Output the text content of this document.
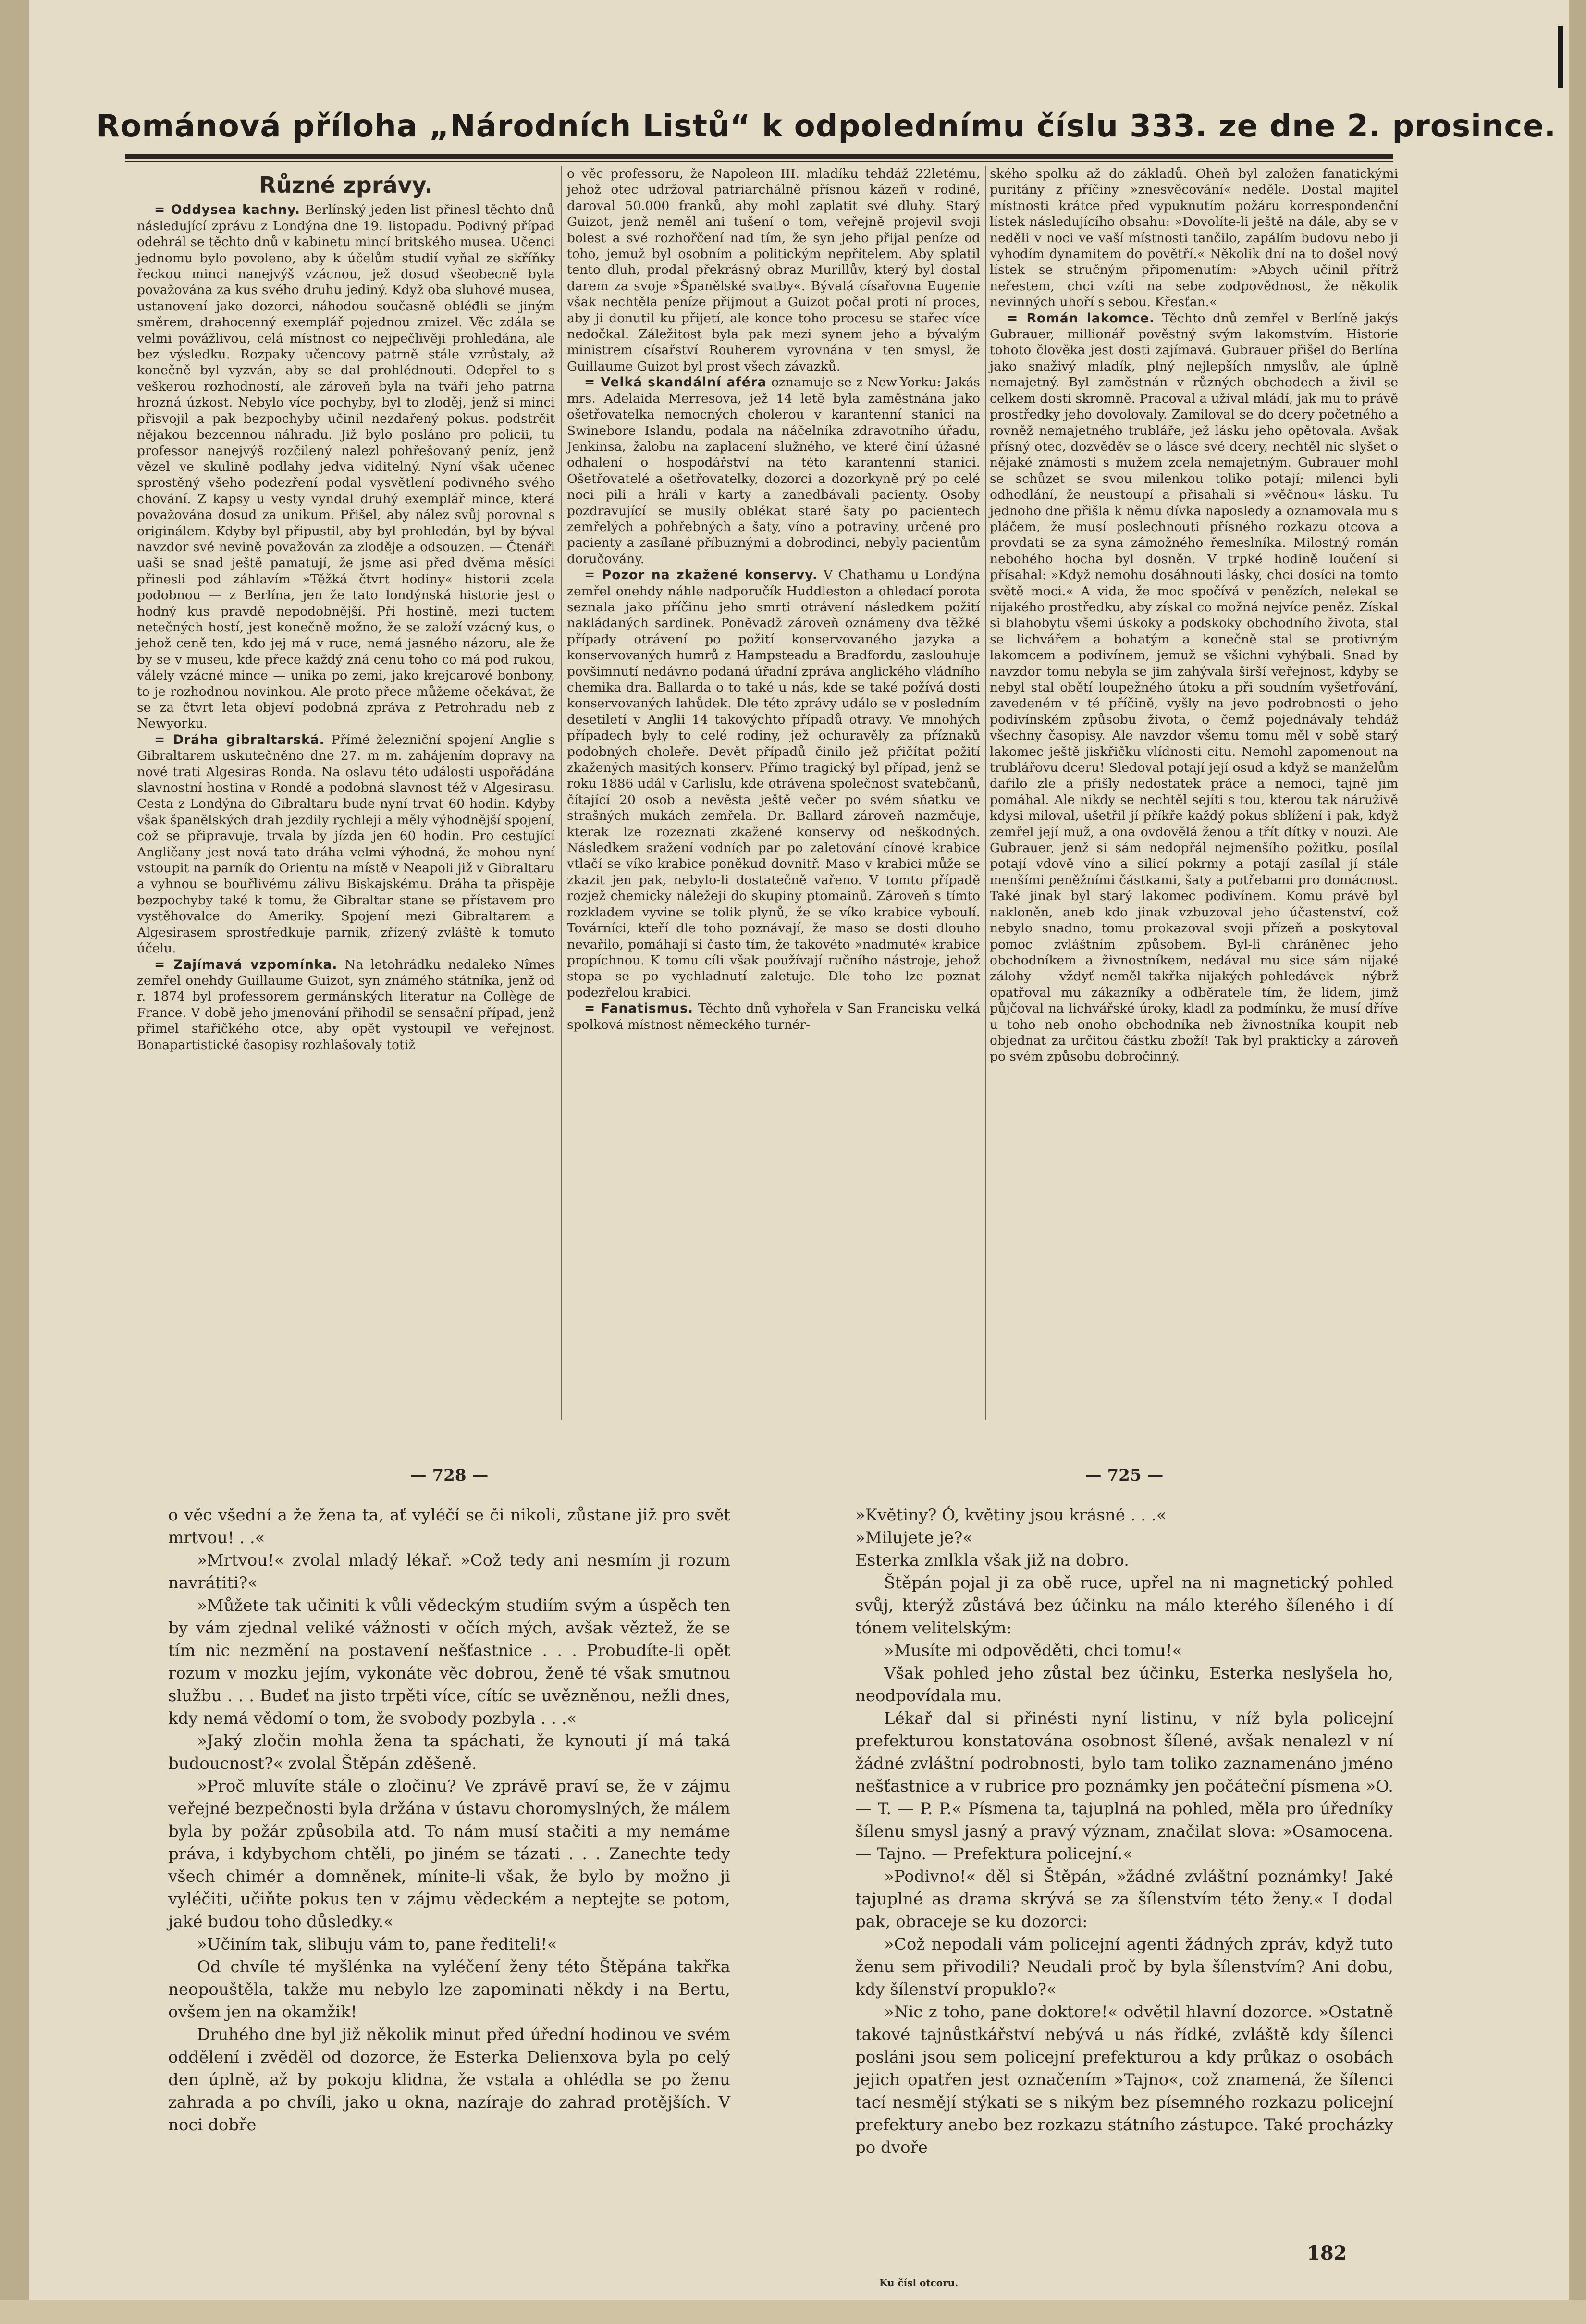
Románová příloha „Národních Listů“ k odpolednímu číslu 333. ze dne 2. prosince.
Různé zprávy.

= Oddysea kachny. Berlínský jeden list přinesl těchto dnů následující zprávu z Londýna dne 19. listopadu. Podivný případ odehrál se těchto dnů v kabinetu mincí britského musea. Učenci jednomu bylo povoleno, aby k účelům studií vyňal ze skříňky řeckou minci nanejvýš vzácnou, jež dosud všeobecně byla považována za kus svého druhu jediný. Když oba sluhové musea, ustanovení jako dozorci, náhodou současně obléđli se jiným směrem, drahocenný exemplář pojednou zmizel. Věc zdála se velmi povážlivou, celá místnost co nejpečlivěji prohledána, ale bez výsledku. Rozpaky učencovy patrně stále vzrůstaly, až konečně byl vyzván, aby se dal prohlédnouti. Odepřel to s veškerou rozhodností, ale zároveň byla na tváři jeho patrna hrozná úzkost. Nebylo více pochyby, byl to zloděj, jenž si minci přisvojil a pak bezpochyby učinil nezdařený pokus. podstrčit nějakou bezcennou náhradu. Již bylo posláno pro policii, tu professor nanejvýš rozčilený nalezl pohřešovaný peníz, jenž vězel ve skulině podlahy jedva viditelný. Nyní však učenec sprostěný všeho podezření podal vysvětlení podivného svého chování. Z kapsy u vesty vyndal druhý exemplář mince, která považována dosud za unikum. Přišel, aby nález svůj porovnal s originálem. Kdyby byl připustil, aby byl prohledán, byl by býval navzdor své nevině považován za zloděje a odsouzen. — Čtenáři uaši se snad ještě pamatují, že jsme asi před dvěma měsíci přinesli pod záhlavím »Těžká čtvrt hodiny« historii zcela podobnou — z Berlína, jen že tato londýnská historie jest o hodný kus pravdě nepodobnější. Při hostině, mezi tuctem netečných hostí, jest konečně možno, že se založí vzácný kus, o jehož ceně ten, kdo jej má v ruce, nemá jasného názoru, ale že by se v museu, kde přece každý zná cenu toho co má pod rukou, válely vzácné mince — unika po zemi, jako krejcarové bonbony, to je rozhodnou novinkou. Ale proto přece můžeme očekávat, že se za čtvrt leta objeví podobná zpráva z Petrohradu neb z Newyorku.

= Dráha gibraltarská. Přímé železniční spojení Anglie s Gibraltarem uskutečněno dne 27. m m. zahájením dopravy na nové trati Algesiras Ronda. Na oslavu této události uspořádána slavnostní hostina v Rondě a podobná slavnost též v Algesirasu. Cesta z Londýna do Gibraltaru bude nyní trvat 60 hodin. Kdyby však španělských drah jezdily rychleji a měly výhodnější spojení, což se připravuje, trvala by jízda jen 60 hodin. Pro cestující Angličany jest nová tato dráha velmi výhodná, že mohou nyní vstoupit na parník do Orientu na místě v Neapoli již v Gibraltaru a vyhnou se bouřlivému zálivu Biskajskému. Dráha ta přispěje bezpochyby také k tomu, že Gibraltar stane se přístavem pro vystěhovalce do Ameriky. Spojení mezi Gibraltarem a Algesirasem sprostředkuje parník, zřízený zvláště k tomuto účelu.

= Zajímavá vzpomínka. Na letohrádku nedaleko Nîmes zemřel onehdy Guillaume Guizot, syn známého státníka, jenž od r. 1874 byl professorem germánských literatur na Collège de France. V době jeho jmenování přihodil se sensační případ, jenž přimel stařičkého otce, aby opět vystoupil ve veřejnost. Bonapartistické časopisy rozhlašovaly totiž

o věc professoru, že Napoleon III. mladíku tehdáž 22letému, jehož otec udržoval patriarchálně přísnou kázeň v rodině, daroval 50.000 franků, aby mohl zaplatit své dluhy. Starý Guizot, jenž neměl ani tušení o tom, veřejně projevil svoji bolest a své rozhořčení nad tím, že syn jeho přijal peníze od toho, jemuž byl osobním a politickým nepřítelem. Aby splatil tento dluh, prodal překrásný obraz Murillův, který byl dostal darem za svoje »Španělské svatby«. Bývalá císařovna Eugenie však nechtěla peníze přijmout a Guizot počal proti ní proces, aby ji donutil ku přijetí, ale konce toho procesu se stařec více nedočkal. Záležitost byla pak mezi synem jeho a bývalým ministrem císařství Rouherem vyrovnána v ten smysl, že Guillaume Guizot byl prost všech závazků.

= Velká skandální aféra oznamuje se z New-Yorku: Jakás mrs. Adelaida Merresova, jež 14 letě byla zaměstnána jako ošetřovatelka nemocných cholerou v karantenní stanici na Swinebore Islandu, podala na náčelníka zdravotního úřadu, Jenkinsa, žalobu na zaplacení služného, ve které činí úžasné odhalení o hospodářství na této karantenní stanici. Ošetřovatelé a ošetřovatelky, dozorci a dozorkyně prý po celé noci pili a hráli v karty a zanedbávali pacienty. Osoby pozdravující se musily oblékat staré šaty po pacientech zemřelých a pohřebných a šaty, víno a potraviny, určené pro pacienty a zasílané příbuznými a dobrodinci, nebyly pacientům doručovány.

= Pozor na zkažené konservy. V Chathamu u Londýna zemřel onehdy náhle nadporučík Huddleston a ohledací porota seznala jako příčinu jeho smrti otrávení následkem požití nakládaných sardinek. Poněvadž zároveň oznámeny dva těžké případy otrávení po požití konservovaného jazyka a konservovaných humrů z Hampsteadu a Bradfordu, zaslouhuje povšimnutí nedávno podaná úřadní zpráva anglického vládního chemika dra. Ballarda o to také u nás, kde se také požívá dosti konservovaných lahůdek. Dle této zprávy událo se v posledním desetiletí v Anglii 14 takovýchto případů otravy. Ve mnohých případech byly to celé rodiny, jež ochuravěly za příznaků podobných choleře. Devět případů činilo jež přičítat požití zkažených masitých konserv. Přímo tragický byl případ, jenž se roku 1886 udál v Carlislu, kde otrávena společnost svatebčanů, čítající 20 osob a nevěsta ještě večer po svém sňatku ve strašných mukách zemřela. Dr. Ballard zároveň nazmčuje, kterak lze rozeznati zkažené konservy od neškodných. Následkem sražení vodních par po zaletování cínové krabice vtlačí se víko krabice poněkud dovnitř. Maso v krabici může se zkazit jen pak, nebylo-li dostatečně vařeno. V tomto případě rozjež chemicky náležejí do skupiny ptomainů. Zároveň s tímto rozkladem vyvine se tolik plynů, že se víko krabice vyboulí. Továrníci, kteří dle toho poznávají, že maso se dosti dlouho nevařilo, pomáhají si často tím, že takovéto »nadmuté« krabice propíchnou. K tomu cíli však používají ručního nástroje, jehož stopa se po vychladnutí zaletuje. Dle toho lze poznat podezřelou krabici.

= Fanatismus. Těchto dnů vyhořela v San Francisku velká spolková místnost německého turnér-

ského spolku až do základů. Oheň byl založen fanatickými puritány z příčiny »znesvěcování« neděle. Dostal majitel místnosti krátce před vypuknutím požáru korrespondenční lístek následujícího obsahu: »Dovolíte-li ještě na dále, aby se v neděli v noci ve vaší místnosti tančilo, zapálím budovu nebo ji vyhodím dynamitem do povětří.« Několik dní na to došel nový lístek se stručným připomenutím: »Abych učinil přítrž neřestem, chci vzíti na sebe zodpovědnost, že několik nevinných uhoří s sebou. Křesťan.«

= Román lakomce. Těchto dnů zemřel v Berlíně jakýs Gubrauer, millionář pověstný svým lakomstvím. Historie tohoto člověka jest dosti zajímavá. Gubrauer přišel do Berlína jako snaživý mladík, plný nejlepších nmyslův, ale úplně nemajetný. Byl zaměstnán v různých obchodech a živil se celkem dosti skromně. Pracoval a užíval mládí, jak mu to právě prostředky jeho dovolovaly. Zamiloval se do dcery početného a rovněž nemajetného trubláře, jež lásku jeho opětovala. Avšak přísný otec, dozvěděv se o lásce své dcery, nechtěl nic slyšet o nějaké známosti s mužem zcela nemajetným. Gubrauer mohl se schůzet se svou milenkou toliko potají; milenci byli odhodlání, že neustoupí a přisahali si »věčnou« lásku. Tu jednoho dne přišla k němu dívka naposledy a oznamovala mu s pláčem, že musí poslechnouti přísného rozkazu otcova a provdati se za syna zámožného řemeslníka. Milostný román nebohého hocha byl dosněn. V trpké hodině loučení si přísahal: »Když nemohu dosáhnouti lásky, chci dosíci na tomto světě moci.« A vida, že moc spočívá v penězích, nelekal se nijakého prostředku, aby získal co možná nejvíce peněz. Získal si blahobytu všemi úskoky a podskoky obchodního života, stal se lichvářem a bohatým a konečně stal se protivným lakomcem a podivínem, jemuž se všichni vyhýbali. Snad by navzdor tomu nebyla se jim zahývala širší veřejnost, kdyby se nebyl stal obětí loupežného útoku a při soudním vyšetřování, zavedeném v té příčině, vyšly na jevo podrobnosti o jeho podivínském způsobu života, o čemž pojednávaly tehdáž všechny časopisy. Ale navzdor všemu tomu měl v sobě starý lakomec ještě jiskřičku vlídnosti citu. Nemohl zapomenout na trublářovu dceru! Sledoval potají její osud a když se manželům dařilo zle a přišly nedostatek práce a nemoci, tajně jim pomáhal. Ale nikdy se nechtěl sejíti s tou, kterou tak náruživě kdysi miloval, ušetřil jí příkře každý pokus sblížení i pak, když zemřel její muž, a ona ovdovělá ženou a třít dítky v nouzi. Ale Gubrauer, jenž si sám nedopřál nejmenšího požitku, posílal potají vdově víno a silicí pokrmy a potají zasílal jí stále menšími peněžními částkami, šaty a potřebami pro domácnost. Také jinak byl starý lakomec podivínem. Komu právě byl nakloněn, aneb kdo jinak vzbuzoval jeho účastenství, což nebylo snadno, tomu prokazoval svoji přízeň a poskytoval pomoc zvláštním způsobem. Byl-li chráněnec jeho obchodníkem a živnostníkem, nedával mu sice sám nijaké zálohy — vždyť neměl takřka nijakých pohledávek — nýbrž opatřoval mu zákazníky a odběratele tím, že lidem, jimž půjčoval na lichvářské úroky, kladl za podmínku, že musí dříve u toho neb onoho obchodníka neb živnostníka koupit neb objednat za určitou částku zboží! Tak byl prakticky a zároveň po svém způsobu dobročinný.

— 728 —

o věc všední a že žena ta, ať vyléčí se či nikoli, zůstane již pro svět mrtvou! . .«

»Mrtvou!« zvolal mladý lékař. »Což tedy ani nesmím ji rozum navrátiti?«

»Můžete tak učiniti k vůli vědeckým studiím svým a úspěch ten by vám zjednal veliké vážnosti v očích mých, avšak věztež, že se tím nic nezmění na postavení nešťastnice . . . Probudíte-li opět rozum v mozku jejím, vykonáte věc dobrou, ženě té však smutnou službu . . . Budeť na jisto trpěti více, cítíc se uvězněnou, nežli dnes, kdy nemá vědomí o tom, že svobody pozbyla . . .«

»Jaký zločin mohla žena ta spáchati, že kynouti jí má taká budoucnost?« zvolal Štěpán zděšeně.

»Proč mluvíte stále o zločinu? Ve zprávě praví se, že v zájmu veřejné bezpečnosti byla držána v ústavu choromyslných, že málem byla by požár způsobila atd. To nám musí stačiti a my nemáme práva, i kdybychom chtěli, po jiném se tázati . . . Zanechte tedy všech chimér a domněnek, mínite-li však, že bylo by možno ji vyléčiti, učiňte pokus ten v zájmu vědeckém a neptejte se potom, jaké budou toho důsledky.«

»Učiním tak, slibuju vám to, pane řediteli!«

Od chvíle té myšlénka na vyléčení ženy této Štěpána takřka neopouštěla, takže mu nebylo lze zapominati někdy i na Bertu, ovšem jen na okamžik!

Druhého dne byl již několik minut před úřední hodinou ve svém oddělení i zvěděl od dozorce, že Esterka Delienxova byla po celý den úplně, až by pokoju klidna, že vstala a ohlédla se po ženu zahrada a po chvíli, jako u okna, nazíraje do zahrad protějších. V noci dobře

— 725 —

»Květiny? Ó, květiny jsou krásné . . .«

»Milujete je?«

Esterka zmlkla však již na dobro.

Štěpán pojal ji za obě ruce, upřel na ni magnetický pohled svůj, kterýž zůstává bez účinku na málo kterého šíleného i dí tónem velitelským:

»Musíte mi odpověděti, chci tomu!«

Však pohled jeho zůstal bez účinku, Esterka neslyšela ho, neodpovídala mu.

Lékař dal si přinésti nyní listinu, v níž byla policejní prefekturou konstatována osobnost šílené, avšak nenalezl v ní žádné zvláštní podrobnosti, bylo tam toliko zaznamenáno jméno nešťastnice a v rubrice pro poznámky jen počáteční písmena »O. — T. — P. P.« Písmena ta, tajuplná na pohled, měla pro úředníky šílenu smysl jasný a pravý význam, značilat slova: »Osamocena. — Tajno. — Prefektura policejní.«

»Podivno!« děl si Štěpán, »žádné zvláštní poznámky! Jaké tajuplné as drama skrývá se za šílenstvím této ženy.« I dodal pak, obraceje se ku dozorci:

»Což nepodali vám policejní agenti žádných zpráv, když tuto ženu sem přivodili? Neudali proč by byla šílenstvím? Ani dobu, kdy šílenství propuklo?«

»Nic z toho, pane doktore!« odvětil hlavní dozorce. »Ostatně takové tajnůstkářství nebývá u nás řídké, zvláště kdy šílenci posláni jsou sem policejní prefekturou a kdy průkaz o osobách jejich opatřen jest označením »Tajno«, což znamená, že šílenci tací nesmějí stýkati se s nikým bez písemného rozkazu policejní prefektury anebo bez rozkazu státního zástupce. Také procházky po dvoře

Ku čísl otcoru.
182
